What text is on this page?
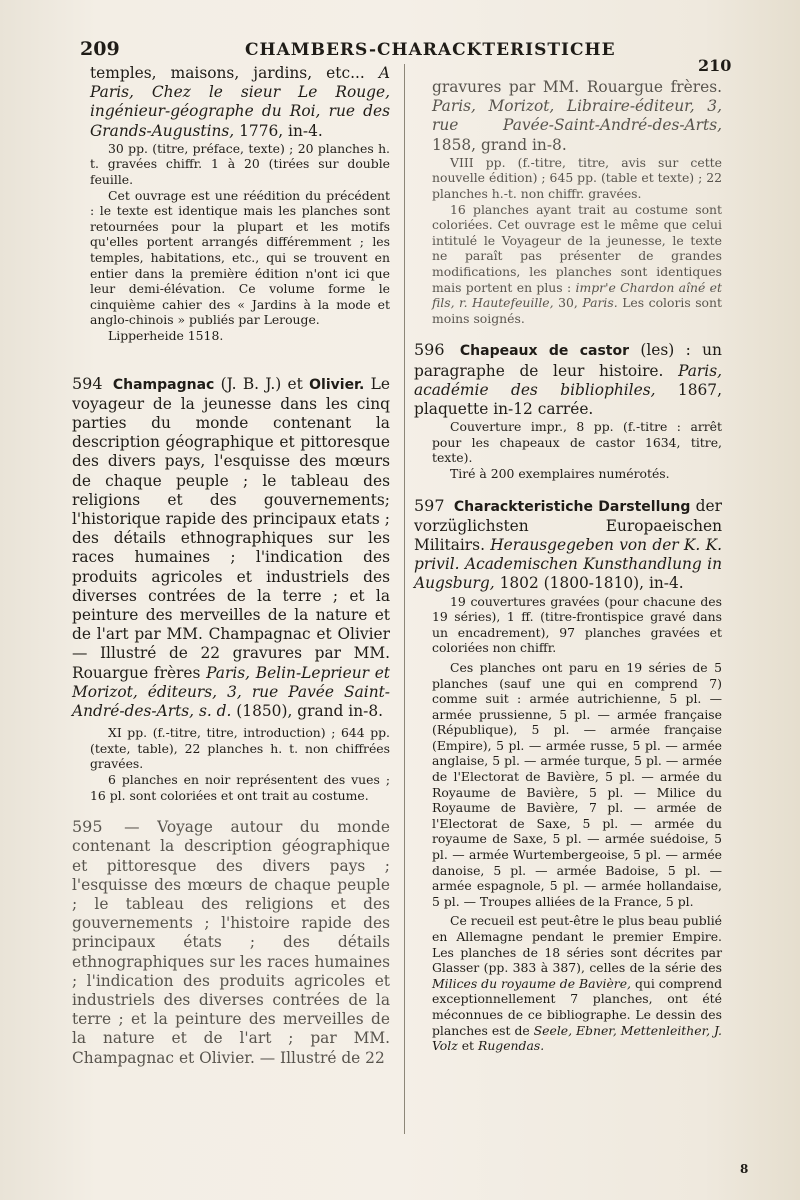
209	CHAMBERS-CHARACKTERISTICHE
210

temples, maisons, jardins, etc... A Paris, Chez le sieur Le Rouge, ingénieur-géographe du Roi, rue des Grands-Augustins, 1776, in-4.

30 pp. (titre, préface, texte) ; 20 planches h. t. gravées chiffr. 1 à 20 (tirées sur double feuille.

Cet ouvrage est une réédition du précédent : le texte est identique mais les planches sont retournées pour la plupart et les motifs qu'elles portent arrangés différemment ; les temples, habitations, etc., qui se trouvent en entier dans la première édition n'ont ici que leur demi-élévation. Ce volume forme le cinquième cahier des « Jardins à la mode et anglo-chinois » publiés par Lerouge.

Lipperheide 1518.

594 Champagnac (J. B. J.) et Olivier. Le voyageur de la jeunesse dans les cinq parties du monde contenant la description géographique et pittoresque des divers pays, l'esquisse des mœurs de chaque peuple ; le tableau des religions et des gouvernements; l'historique rapide des principaux etats ; des détails ethnographiques sur les races humaines ; l'indication des produits agricoles et industriels des diverses contrées de la terre ; et la peinture des merveilles de la nature et de l'art par MM. Champagnac et Olivier — Illustré de 22 gravures par MM. Rouargue frères Paris, Belin-Leprieur et Morizot, éditeurs, 3, rue Pavée Saint-André-des-Arts, s. d. (1850), grand in-8.

XI pp. (f.-titre, titre, introduction) ; 644 pp. (texte, table), 22 planches h. t. non chiffrées gravées.

6 planches en noir représentent des vues ; 16 pl. sont coloriées et ont trait au costume.

595 — Voyage autour du monde contenant la description géographique et pittoresque des divers pays ; l'esquisse des mœurs de chaque peuple ; le tableau des religions et des gouvernements ; l'histoire rapide des principaux états ; des détails ethnographiques sur les races humaines ; l'indication des produits agricoles et industriels des diverses contrées de la terre ; et la peinture des merveilles de la nature et de l'art ; par MM. Champagnac et Olivier. — Illustré de 22

gravures par MM. Rouargue frères. Paris, Morizot, Libraire-éditeur, 3, rue Pavée-Saint-André-des-Arts, 1858, grand in-8.

VIII pp. (f.-titre, titre, avis sur cette nouvelle édition) ; 645 pp. (table et texte) ; 22 planches h.-t. non chiffr. gravées.

16 planches ayant trait au costume sont coloriées. Cet ouvrage est le même que celui intitulé le Voyageur de la jeunesse, le texte ne paraît pas présenter de grandes modifications, les planches sont identiques mais portent en plus : impr'e Chardon aîné et fils, r. Hautefeuille, 30, Paris. Les coloris sont moins soignés.

596 Chapeaux de castor (les) : un paragraphe de leur histoire. Paris, académie des bibliophiles, 1867, plaquette in-12 carrée.

Couverture impr., 8 pp. (f.-titre : arrêt pour les chapeaux de castor 1634, titre, texte).

Tiré à 200 exemplaires numérotés.

597 Charackteristiche Darstellung der vorzüglichsten Europaeischen Militairs. Herausgegeben von der K. K. privil. Academischen Kunsthandlung in Augsburg, 1802 (1800-1810), in-4.

19 couvertures gravées (pour chacune des 19 séries), 1 ff. (titre-frontispice gravé dans un encadrement), 97 planches gravées et coloriées non chiffr.

Ces planches ont paru en 19 séries de 5 planches (sauf une qui en comprend 7) comme suit : armée autrichienne, 5 pl. — armée prussienne, 5 pl. — armée française (République), 5 pl. — armée française (Empire), 5 pl. — armée russe, 5 pl. — armée anglaise, 5 pl. — armée turque, 5 pl. — armée de l'Electorat de Bavière, 5 pl. — armée du Royaume de Bavière, 5 pl. — Milice du Royaume de Bavière, 7 pl. — armée de l'Electorat de Saxe, 5 pl. — armée du royaume de Saxe, 5 pl. — armée suédoise, 5 pl. — armée Wurtembergeoise, 5 pl. — armée danoise, 5 pl. — armée Badoise, 5 pl. — armée espagnole, 5 pl. — armée hollandaise, 5 pl. — Troupes alliées de la France, 5 pl.

Ce recueil est peut-être le plus beau publié en Allemagne pendant le premier Empire. Les planches de 18 séries sont décrites par Glasser (pp. 383 à 387), celles de la série des Milices du royaume de Bavière, qui comprend exceptionnellement 7 planches, ont été méconnues de ce bibliographe. Le dessin des planches est de Seele, Ebner, Mettenleither, J. Volz et Rugendas.

8
